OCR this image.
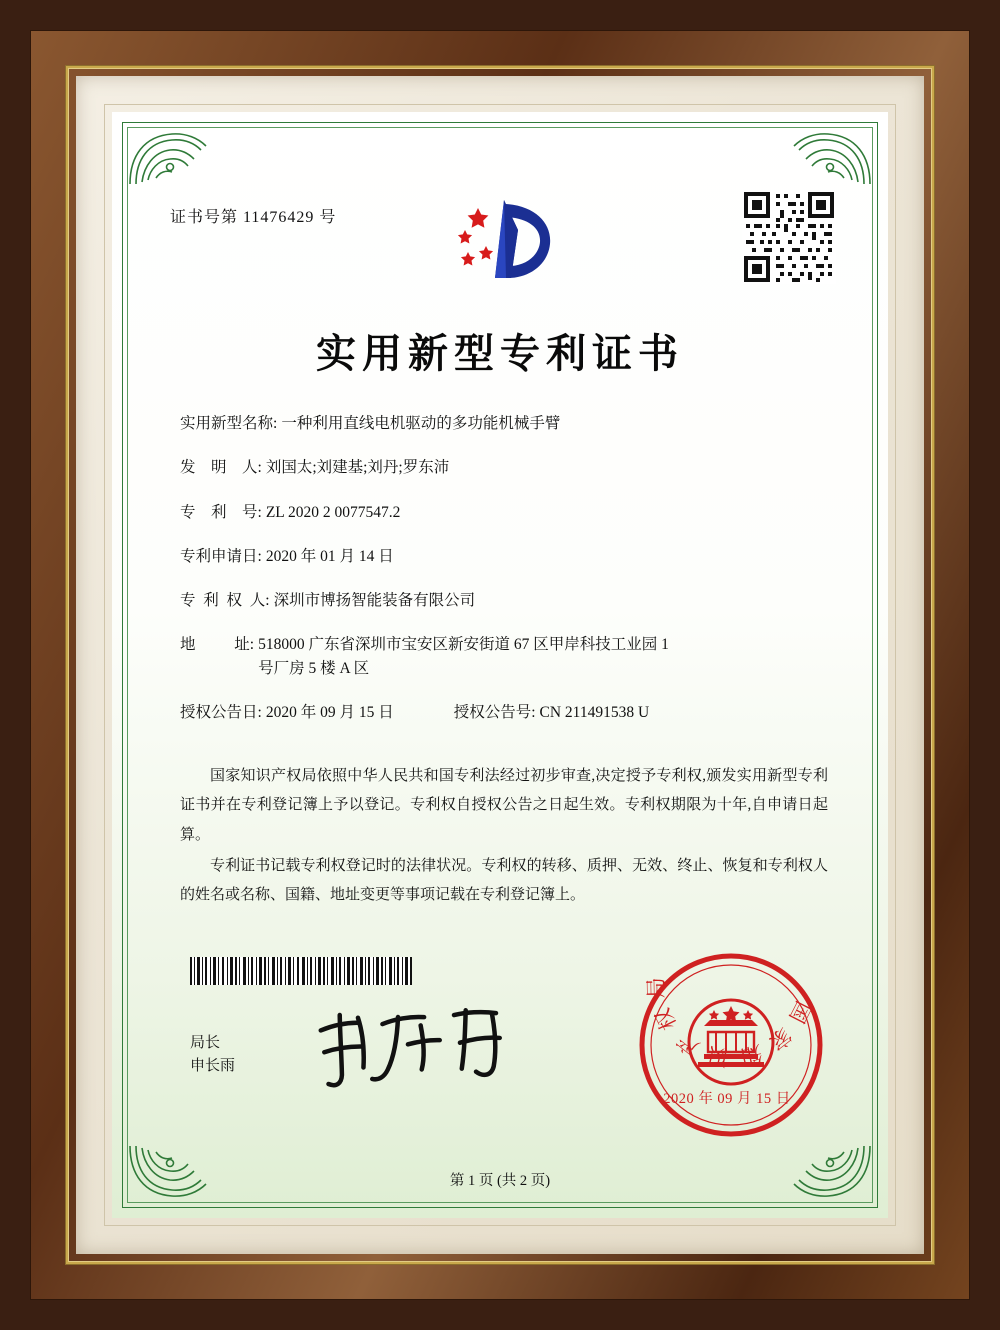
证书号第 11476429 号
实用新型专利证书
实用新型名称: 一种利用直线电机驱动的多功能机械手臂
发    明    人: 刘国太;刘建基;刘丹;罗东沛
专    利    号: ZL 2020 2 0077547.2
专利申请日: 2020 年 01 月 14 日
专  利  权  人: 深圳市博扬智能装备有限公司
地          址: 518000 广东省深圳市宝安区新安街道 67 区甲岸科技工业园 1 号厂房 5 楼 A 区
授权公告日: 2020 年 09 月 15 日	授权公告号: CN 211491538 U

国家知识产权局依照中华人民共和国专利法经过初步审查,决定授予专利权,颁发实用新型专利证书并在专利登记簿上予以登记。专利权自授权公告之日起生效。专利权期限为十年,自申请日起算。

专利证书记载专利权登记时的法律状况。专利权的转移、质押、无效、终止、恢复和专利权人的姓名或名称、国籍、地址变更等事项记载在专利登记簿上。

局长
申长雨
国家知识产权局
2020 年 09 月 15 日
第 1 页 (共 2 页)
